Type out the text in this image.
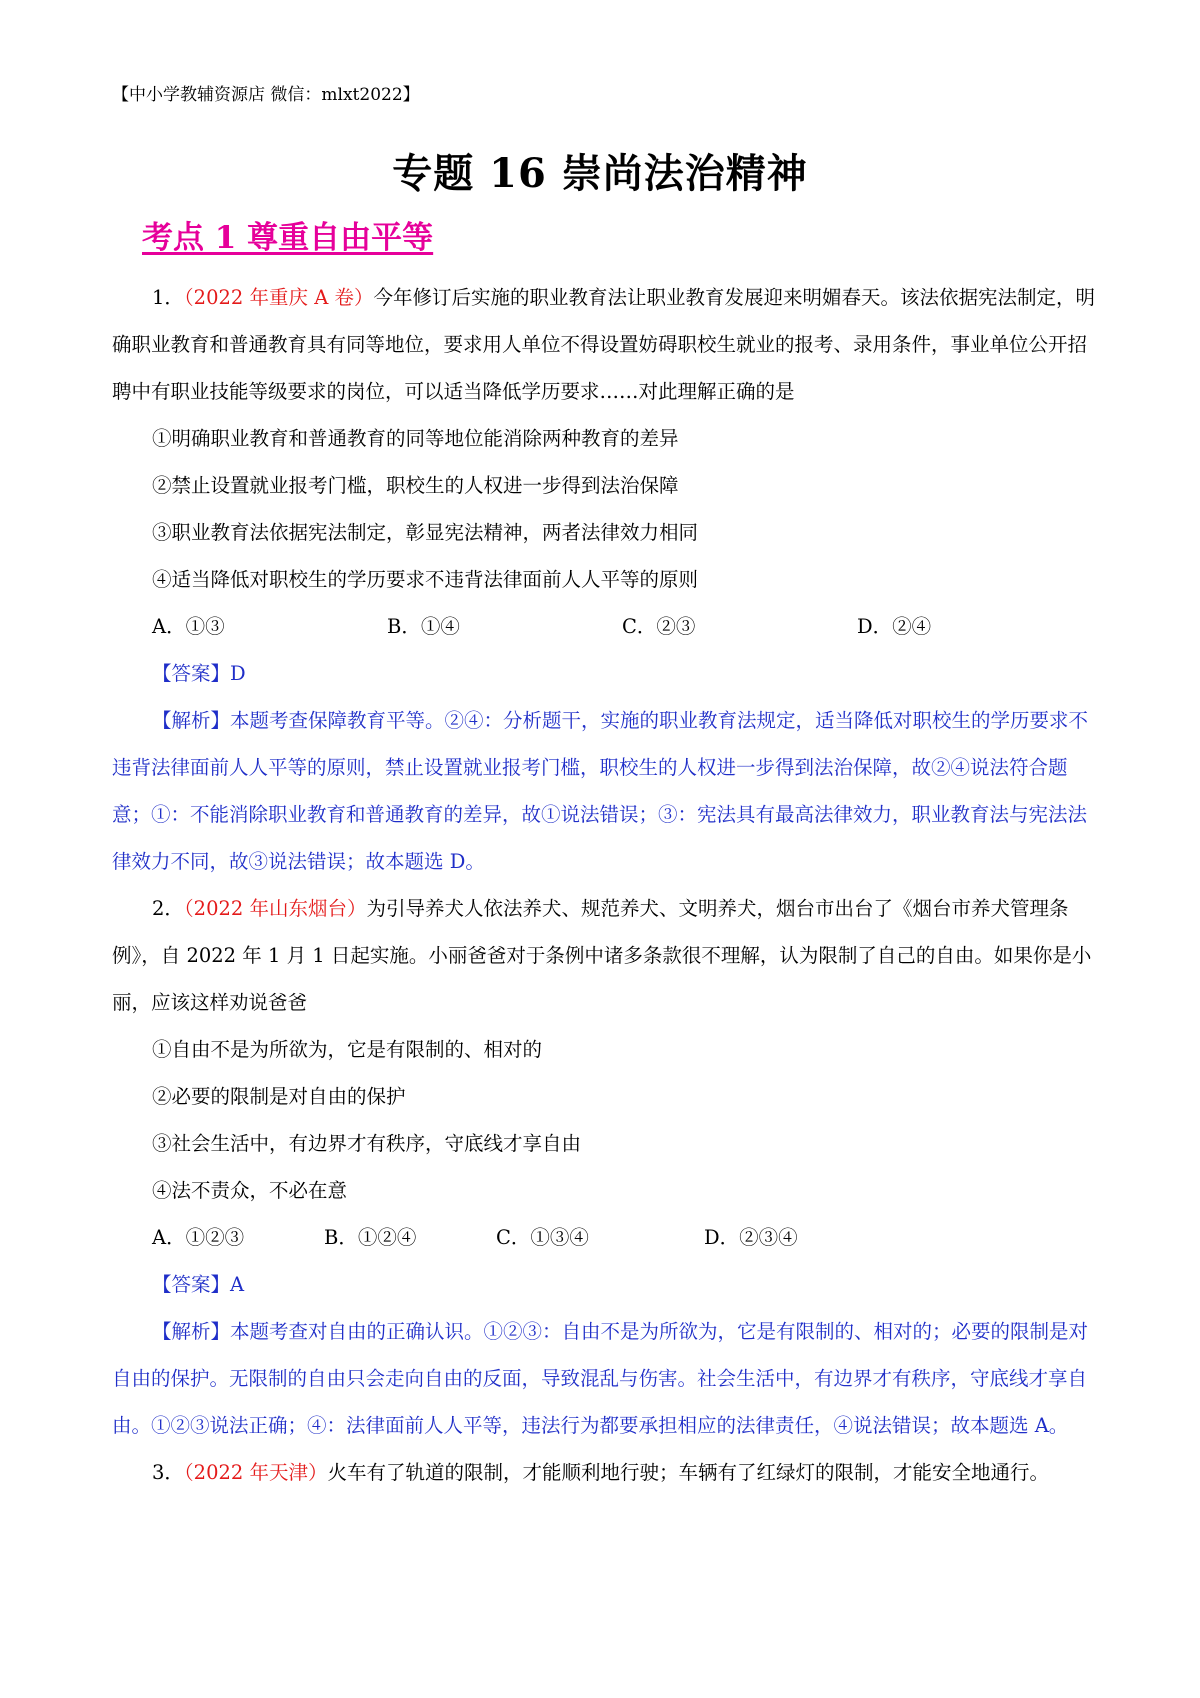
【中小学教辅资源店 微信：mlxt2022】
专题 16 崇尚法治精神
考点 1 尊重自由平等

1．（2022 年重庆 A 卷）今年修订后实施的职业教育法让职业教育发展迎来明媚春天。该法依据宪法制定，明确职业教育和普通教育具有同等地位，要求用人单位不得设置妨碍职校生就业的报考、录用条件，事业单位公开招聘中有职业技能等级要求的岗位，可以适当降低学历要求……对此理解正确的是

①明确职业教育和普通教育的同等地位能消除两种教育的差异

②禁止设置就业报考门槛，职校生的人权进一步得到法治保障

③职业教育法依据宪法制定，彰显宪法精神，两者法律效力相同

④适当降低对职校生的学历要求不违背法律面前人人平等的原则

A．①③	B．①④	C．②③	D．②④

【答案】D

【解析】本题考查保障教育平等。②④：分析题干，实施的职业教育法规定，适当降低对职校生的学历要求不违背法律面前人人平等的原则，禁止设置就业报考门槛，职校生的人权进一步得到法治保障，故②④说法符合题意；①：不能消除职业教育和普通教育的差异，故①说法错误；③：宪法具有最高法律效力，职业教育法与宪法法律效力不同，故③说法错误；故本题选 D。

2．（2022 年山东烟台）为引导养犬人依法养犬、规范养犬、文明养犬，烟台市出台了《烟台市养犬管理条例》，自 2022 年 1 月 1 日起实施。小丽爸爸对于条例中诸多条款很不理解，认为限制了自己的自由。如果你是小丽，应该这样劝说爸爸

①自由不是为所欲为，它是有限制的、相对的

②必要的限制是对自由的保护

③社会生活中，有边界才有秩序，守底线才享自由

④法不责众，不必在意

A．①②③	B．①②④	C．①③④	D．②③④

【答案】A

【解析】本题考查对自由的正确认识。①②③：自由不是为所欲为，它是有限制的、相对的；必要的限制是对自由的保护。无限制的自由只会走向自由的反面，导致混乱与伤害。社会生活中，有边界才有秩序，守底线才享自由。①②③说法正确；④：法律面前人人平等，违法行为都要承担相应的法律责任，④说法错误；故本题选 A。

3．（2022 年天津）火车有了轨道的限制，才能顺利地行驶；车辆有了红绿灯的限制，才能安全地通行。
